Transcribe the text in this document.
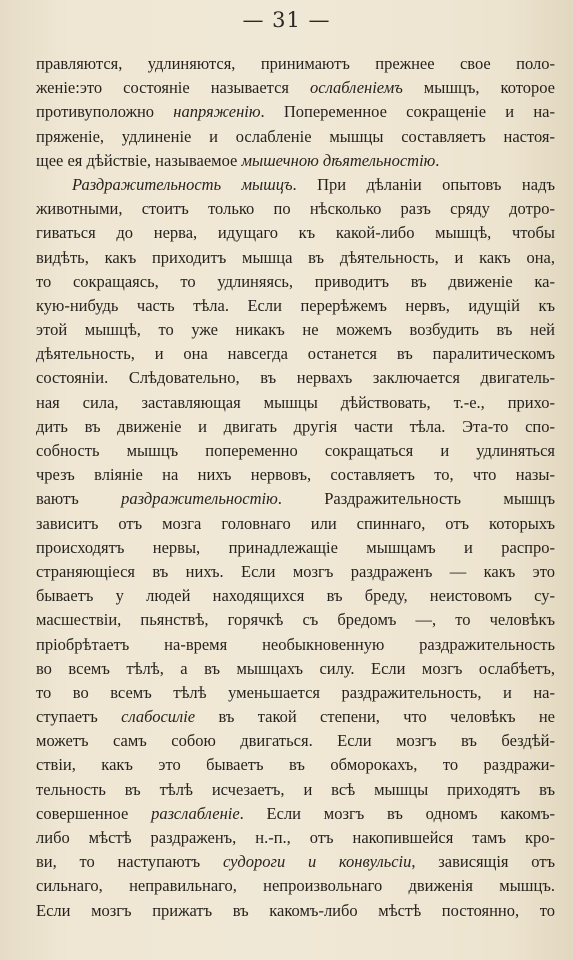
— 31 —
правляются, удлиняются, принимаютъ прежнее свое поло-
женіе:это состояніе называется ослабленіемъ мышцъ, которое
противуположно напряженію. Попеременное сокращеніе и на-
пряженіе, удлиненіе и ослабленіе мышцы составляетъ настоя-
щее ея дѣйствіе, называемое мышечною дѣятельностію.
Раздражительность мышцъ. При дѣланіи опытовъ надъ
животными, стоитъ только по нѣсколько разъ сряду дотро-
гиваться до нерва, идущаго къ какой-либо мышцѣ, чтобы
видѣть, какъ приходитъ мышца въ дѣятельность, и какъ она,
то сокращаясь, то удлиняясь, приводитъ въ движеніе ка-
кую-нибудь часть тѣла. Если перерѣжемъ нервъ, идущій къ
этой мышцѣ, то уже никакъ не можемъ возбудить въ ней
дѣятельность, и она навсегда останется въ паралитическомъ
состояніи. Слѣдовательно, въ нервахъ заключается двигатель-
ная сила, заставляющая мышцы дѣйствовать, т.-е., прихо-
дить въ движеніе и двигать другія части тѣла. Эта-то спо-
собность мышцъ попеременно сокращаться и удлиняться
чрезъ вліяніе на нихъ нервовъ, составляетъ то, что назы-
ваютъ раздражительностію. Раздражительность мышцъ
зависитъ отъ мозга головнаго или спиннаго, отъ которыхъ
происходятъ нервы, принадлежащіе мышцамъ и распро-
страняющіеся въ нихъ. Если мозгъ раздраженъ — какъ это
бываетъ у людей находящихся въ бреду, неистовомъ су-
масшествіи, пьянствѣ, горячкѣ съ бредомъ —, то человѣкъ
пріобрѣтаетъ на-время необыкновенную раздражительность
во всемъ тѣлѣ, а въ мышцахъ силу. Если мозгъ ослабѣетъ,
то во всемъ тѣлѣ уменьшается раздражительность, и на-
ступаетъ слабосиліе въ такой степени, что человѣкъ не
можетъ самъ собою двигаться. Если мозгъ въ бездѣй-
ствіи, какъ это бываетъ въ обморокахъ, то раздражи-
тельность въ тѣлѣ исчезаетъ, и всѣ мышцы приходятъ въ
совершенное разслабленіе. Если мозгъ въ одномъ какомъ-
либо мѣстѣ раздраженъ, н.-п., отъ накопившейся тамъ кро-
ви, то наступаютъ судороги и конвульсіи, зависящія отъ
сильнаго, неправильнаго, непроизвольнаго движенія мышцъ.
Если мозгъ прижатъ въ какомъ-либо мѣстѣ постоянно, то
